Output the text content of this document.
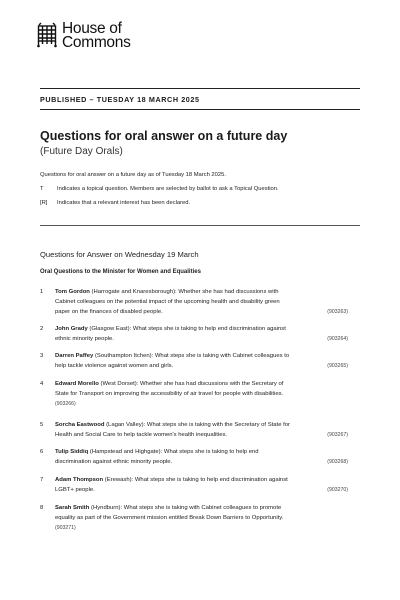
House of
Commons
PUBLISHED – TUESDAY 18 MARCH 2025
Questions for oral answer on a future day
(Future Day Orals)
Questions for oral answer on a future day as of Tuesday 18 March 2025.
T	Indicates a topical question. Members are selected by ballot to ask a Topical Question.
[R]	Indicates that a relevant interest has been declared.
Questions for Answer on Wednesday 19 March
Oral Questions to the Minister for Women and Equalities
1 Tom Gordon (Harrogate and Knaresborough): Whether she has had discussions with
Cabinet colleagues on the potential impact of the upcoming health and disability green
paper on the finances of disabled people.	(903263)
2 John Grady (Glasgow East): What steps she is taking to help end discrimination against
ethnic minority people.	(903264)
3 Darren Paffey (Southampton Itchen): What steps she is taking with Cabinet colleagues to
help tackle violence against women and girls.	(903265)
4 Edward Morello (West Dorset): Whether she has had discussions with the Secretary of
State for Transport on improving the accessibility of air travel for people with disabilities.
(903266)
5 Sorcha Eastwood (Lagan Valley): What steps she is taking with the Secretary of State for
Health and Social Care to help tackle women's health inequalities.	(903267)
6 Tulip Siddiq (Hampstead and Highgate): What steps she is taking to help end
discrimination against ethnic minority people.	(903268)
7 Adam Thompson (Erewash): What steps she is taking to help end discrimination against
LGBT+ people.	(903270)
8 Sarah Smith (Hyndburn): What steps she is taking with Cabinet colleagues to promote
equality as part of the Government mission entitled Break Down Barriers to Opportunity.
(903271)
